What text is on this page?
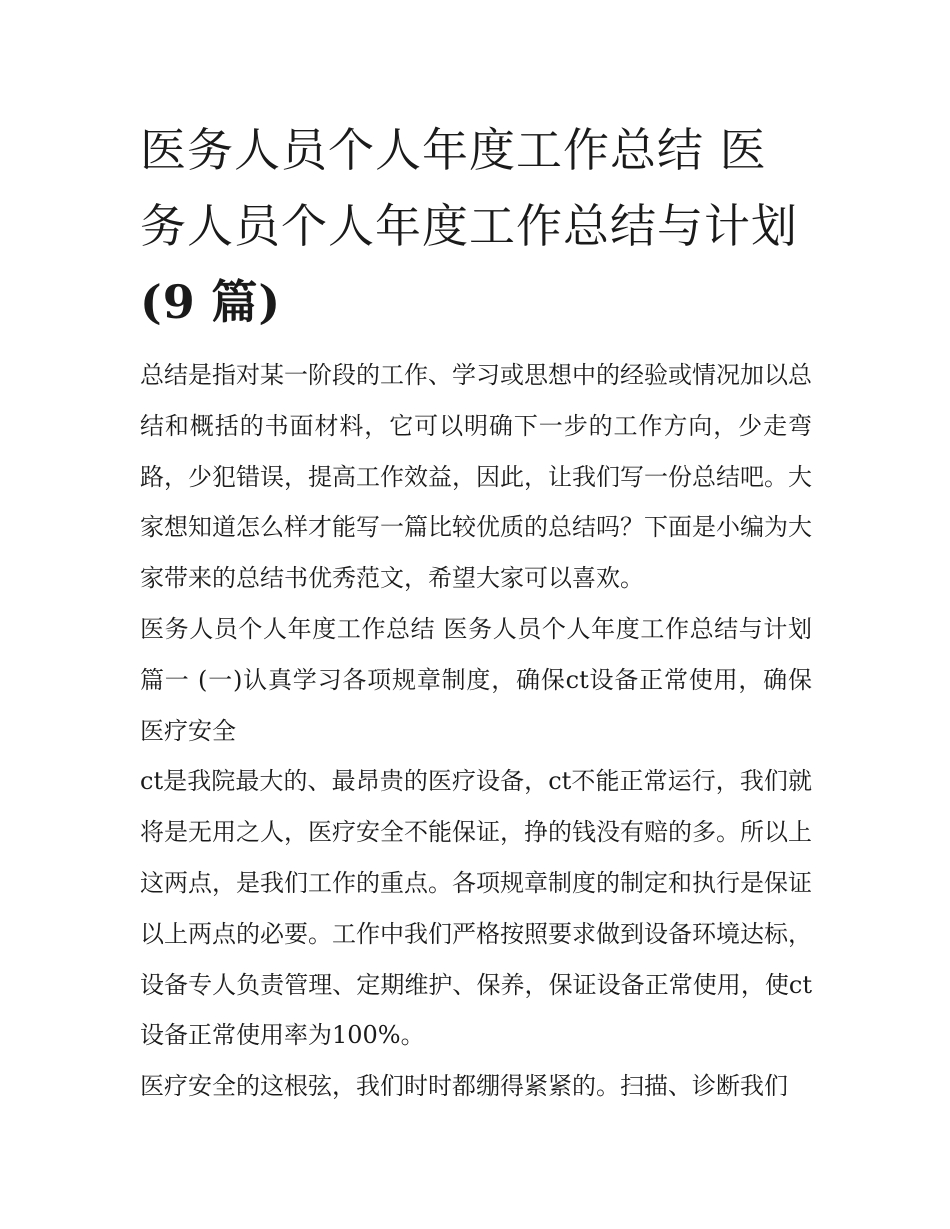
医务人员个人年度工作总结 医务人员个人年度工作总结与计划(9 篇)

总结是指对某一阶段的工作、学习或思想中的经验或情况加以总结和概括的书面材料，它可以明确下一步的工作方向，少走弯路，少犯错误，提高工作效益，因此，让我们写一份总结吧。大家想知道怎么样才能写一篇比较优质的总结吗？下面是小编为大家带来的总结书优秀范文，希望大家可以喜欢。

医务人员个人年度工作总结 医务人员个人年度工作总结与计划篇一 (一)认真学习各项规章制度，确保ct设备正常使用，确保医疗安全

ct是我院最大的、最昂贵的医疗设备，ct不能正常运行，我们就将是无用之人，医疗安全不能保证，挣的钱没有赔的多。所以上这两点，是我们工作的重点。各项规章制度的制定和执行是保证以上两点的必要。工作中我们严格按照要求做到设备环境达标，设备专人负责管理、定期维护、保养，保证设备正常使用，使ct设备正常使用率为100%。

医疗安全的这根弦，我们时时都绷得紧紧的。扫描、诊断我们
